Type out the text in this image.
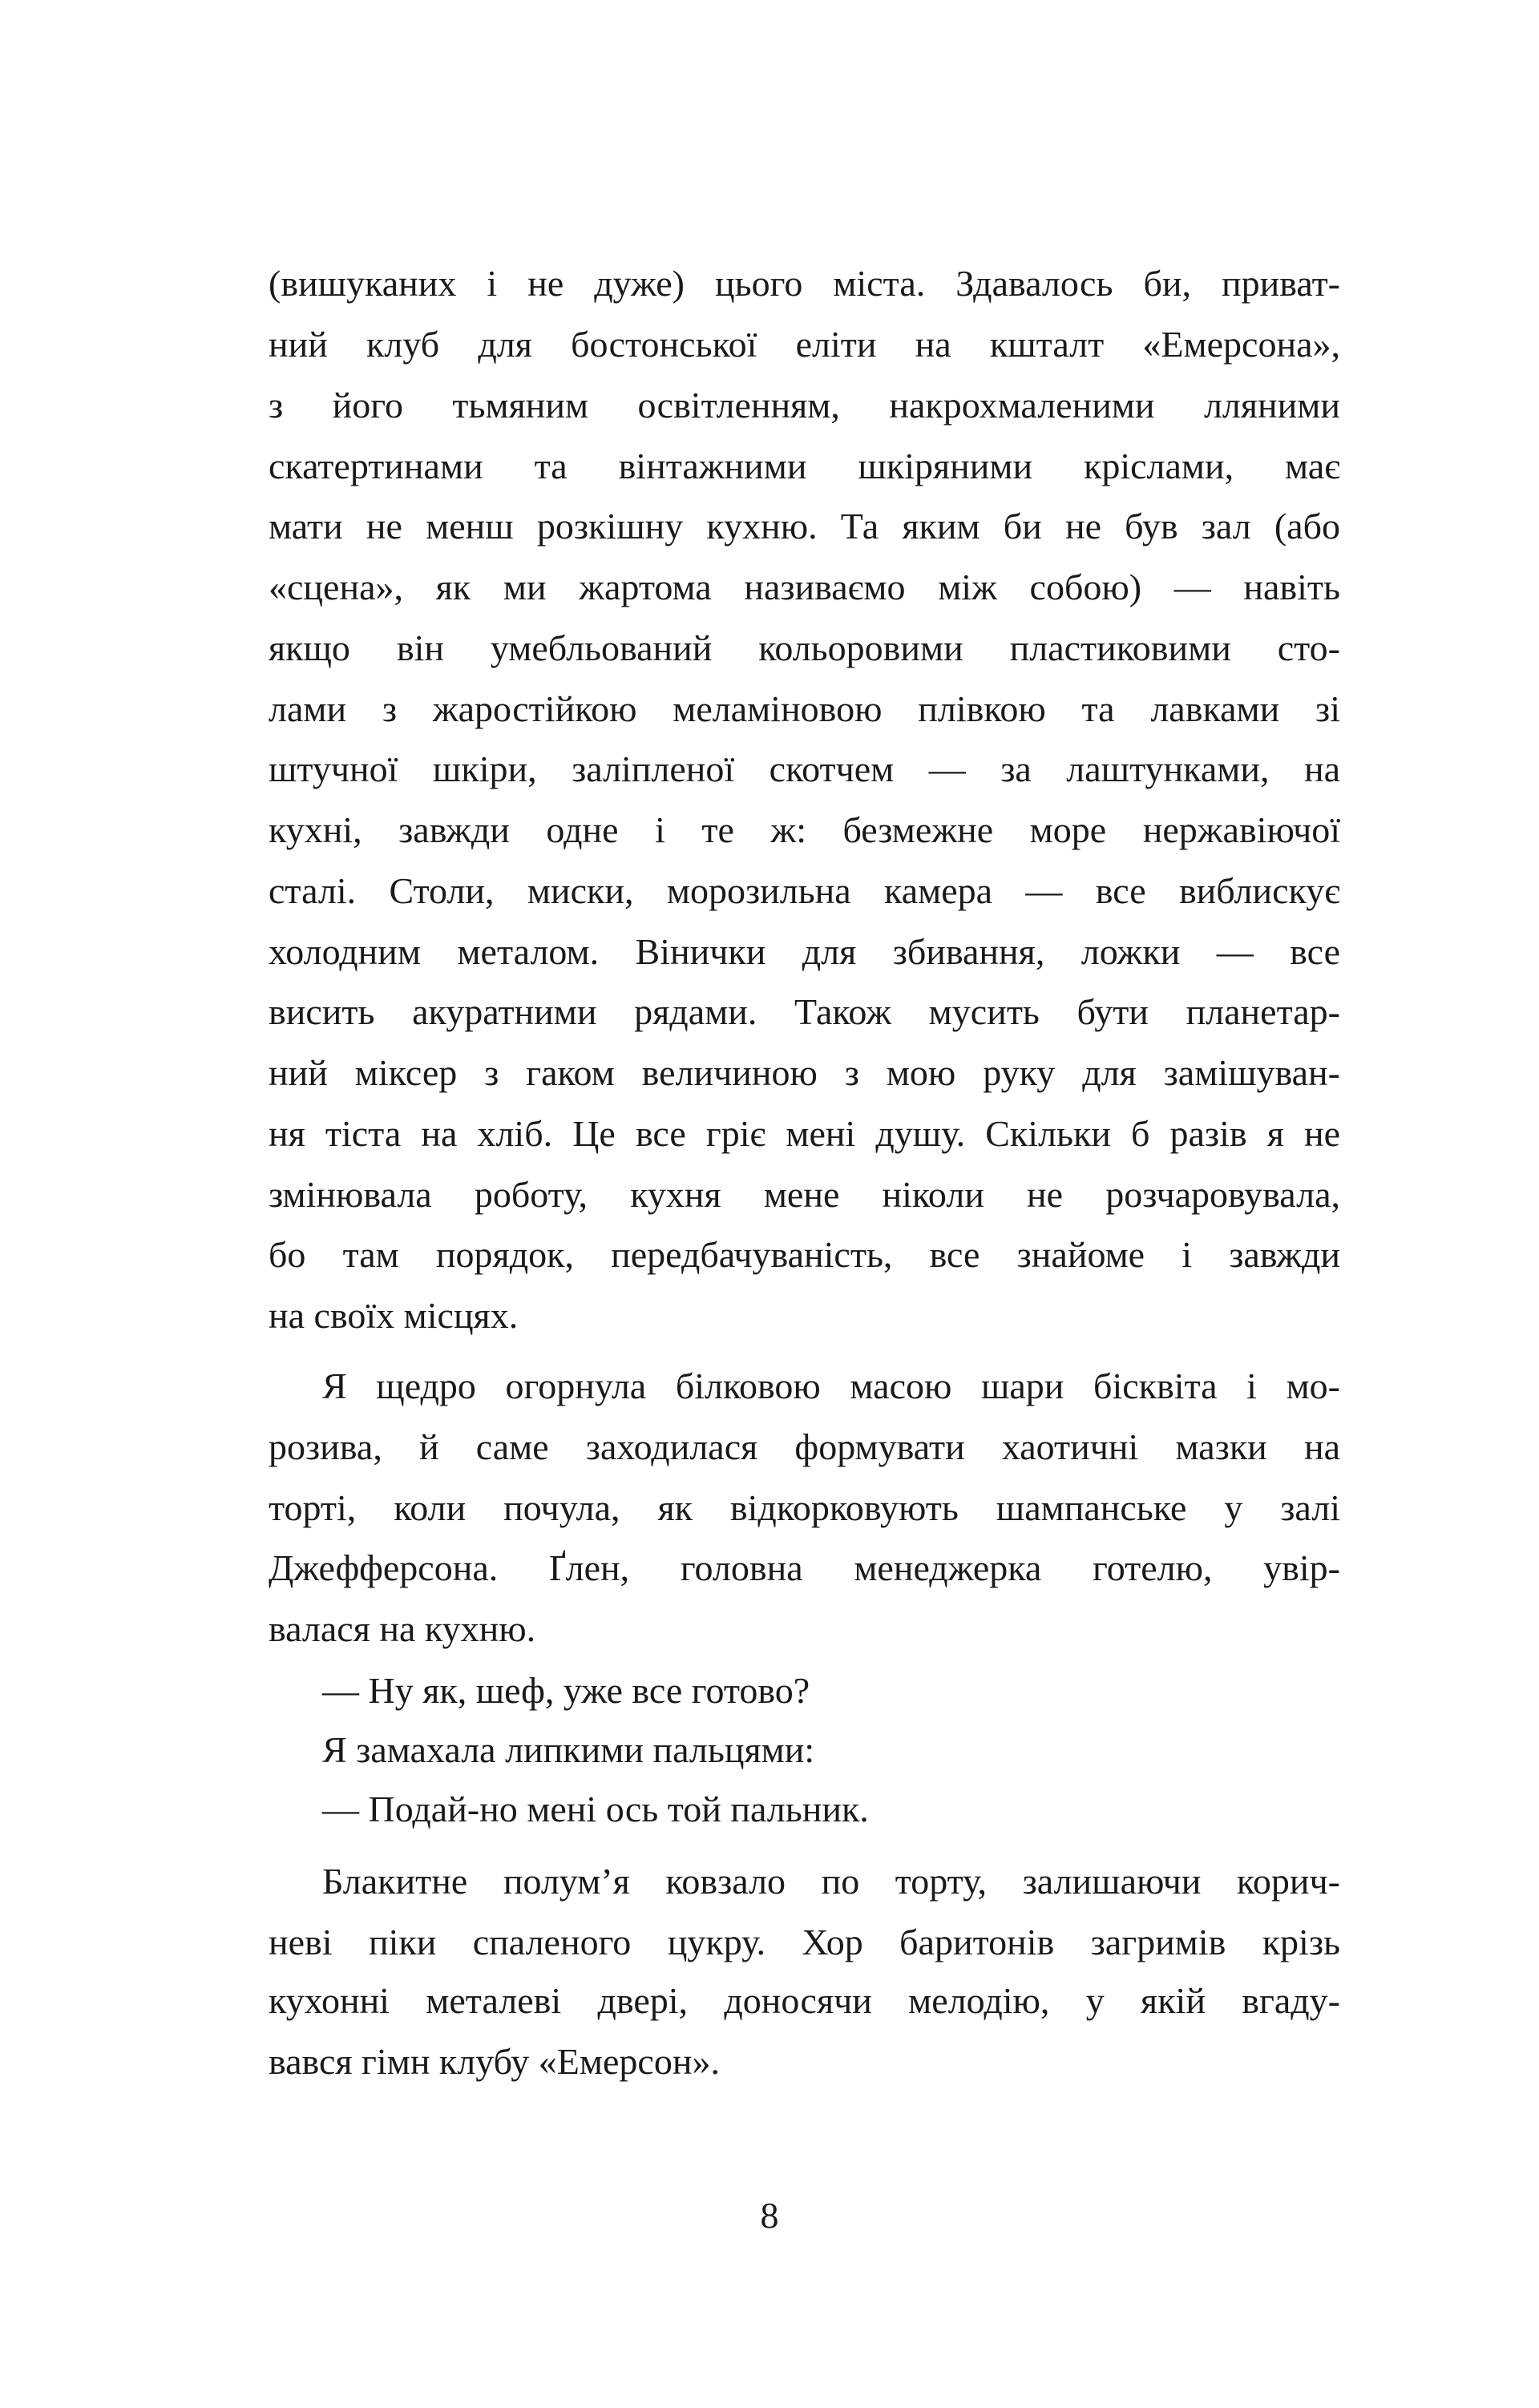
(вишуканих і не дуже) цього міста. Здавалось би, приват-
ний клуб для бостонської еліти на кшталт «Емерсона»,
з його тьмяним освітленням, накрохмаленими лляними
скатертинами та вінтажними шкіряними кріслами, має
мати не менш розкішну кухню. Та яким би не був зал (або
«сцена», як ми жартома називаємо між собою) — навіть
якщо він умебльований кольоровими пластиковими сто-
лами з жаростійкою меламіновою плівкою та лавками зі
штучної шкіри, заліпленої скотчем — за лаштунками, на
кухні, завжди одне і те ж: безмежне море нержавіючої
сталі. Столи, миски, морозильна камера — все виблискує
холодним металом. Вінички для збивання, ложки — все
висить акуратними рядами. Також мусить бути планетар-
ний міксер з гаком величиною з мою руку для замішуван-
ня тіста на хліб. Це все гріє мені душу. Скільки б разів я не
змінювала роботу, кухня мене ніколи не розчаровувала,
бо там порядок, передбачуваність, все знайоме і завжди
на своїх місцях.
Я щедро огорнула білковою масою шари бісквіта і мо-
розива, й саме заходилася формувати хаотичні мазки на
торті, коли почула, як відкорковують шампанське у залі
Джефферсона. Ґлен, головна менеджерка готелю, увір-
валася на кухню.
— Ну як, шеф, уже все готово?
Я замахала липкими пальцями:
— Подай-но мені ось той пальник.
Блакитне полум’я ковзало по торту, залишаючи корич-
неві піки спаленого цукру. Хор баритонів загримів крізь
кухонні металеві двері, доносячи мелодію, у якій вгаду-
вався гімн клубу «Емерсон».
8
